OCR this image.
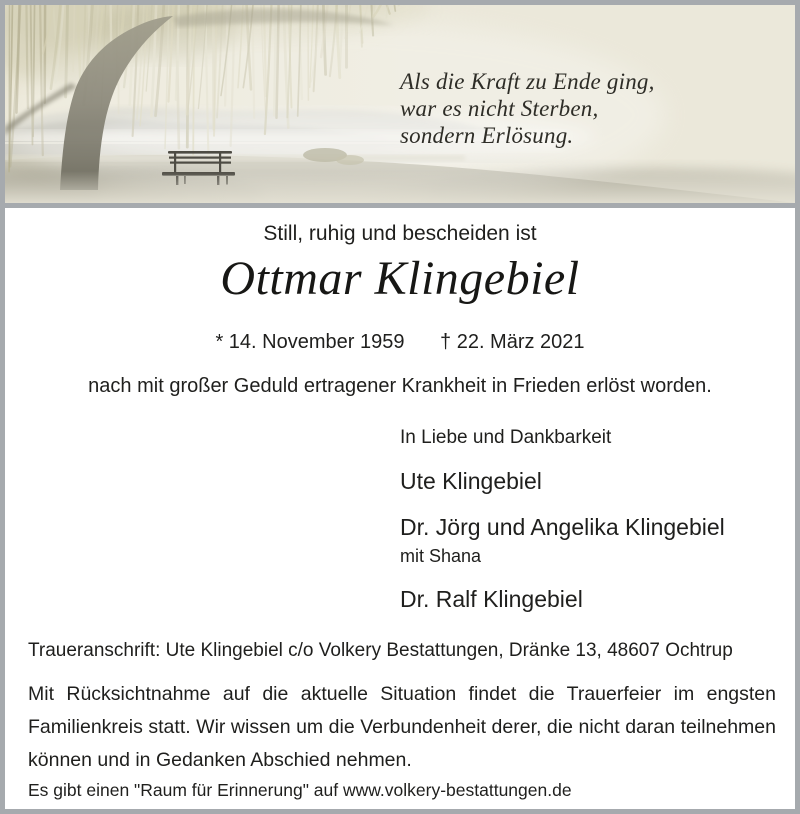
Als die Kraft zu Ende ging,
war es nicht Sterben,
sondern Erlösung.
Still, ruhig und bescheiden ist
Ottmar Klingebiel
* 14. November 1959 † 22. März 2021
nach mit großer Geduld ertragener Krankheit in Frieden erlöst worden.
In Liebe und Dankbarkeit
Ute Klingebiel
Dr. Jörg und Angelika Klingebiel
mit Shana
Dr. Ralf Klingebiel
Traueranschrift: Ute Klingebiel c/o Volkery Bestattungen, Dränke 13, 48607 Ochtrup
Mit Rücksichtnahme auf die aktuelle Situation findet die Trauerfeier im engsten Familienkreis statt. Wir wissen um die Verbundenheit derer, die nicht daran teilnehmen können und in Gedanken Abschied nehmen.
Es gibt einen "Raum für Erinnerung" auf www.volkery-bestattungen.de
